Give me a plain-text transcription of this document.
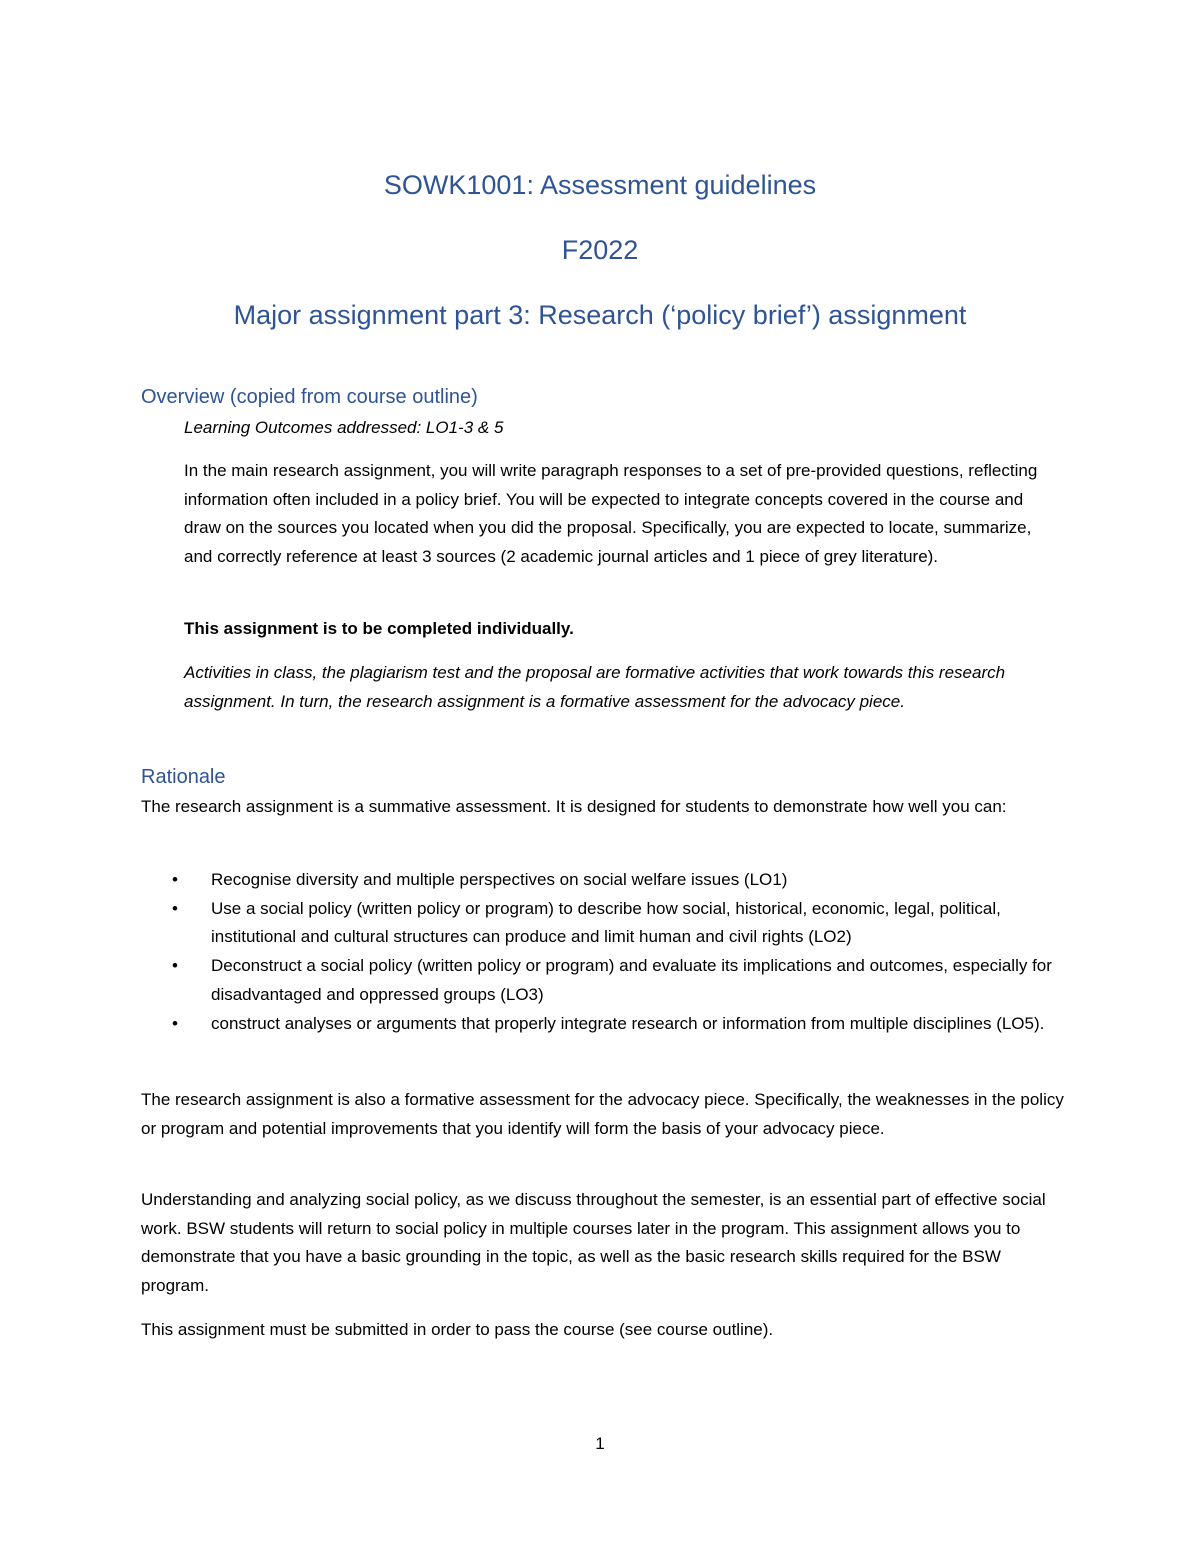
SOWK1001: Assessment guidelines
F2022
Major assignment part 3: Research (‘policy brief’) assignment
Overview (copied from course outline)

Learning Outcomes addressed: LO1-3 & 5

In the main research assignment, you will write paragraph responses to a set of pre-provided questions, reflecting information often included in a policy brief. You will be expected to integrate concepts covered in the course and draw on the sources you located when you did the proposal. Specifically, you are expected to locate, summarize, and correctly reference at least 3 sources (2 academic journal articles and 1 piece of grey literature).

This assignment is to be completed individually.

Activities in class, the plagiarism test and the proposal are formative activities that work towards this research assignment. In turn, the research assignment is a formative assessment for the advocacy piece.

Rationale

The research assignment is a summative assessment. It is designed for students to demonstrate how well you can:

• Recognise diversity and multiple perspectives on social welfare issues (LO1)
• Use a social policy (written policy or program) to describe how social, historical, economic, legal, political, institutional and cultural structures can produce and limit human and civil rights (LO2)
• Deconstruct a social policy (written policy or program) and evaluate its implications and outcomes, especially for disadvantaged and oppressed groups (LO3)
• construct analyses or arguments that properly integrate research or information from multiple disciplines (LO5).

The research assignment is also a formative assessment for the advocacy piece. Specifically, the weaknesses in the policy or program and potential improvements that you identify will form the basis of your advocacy piece.

Understanding and analyzing social policy, as we discuss throughout the semester, is an essential part of effective social work. BSW students will return to social policy in multiple courses later in the program. This assignment allows you to demonstrate that you have a basic grounding in the topic, as well as the basic research skills required for the BSW program.

This assignment must be submitted in order to pass the course (see course outline).

1
